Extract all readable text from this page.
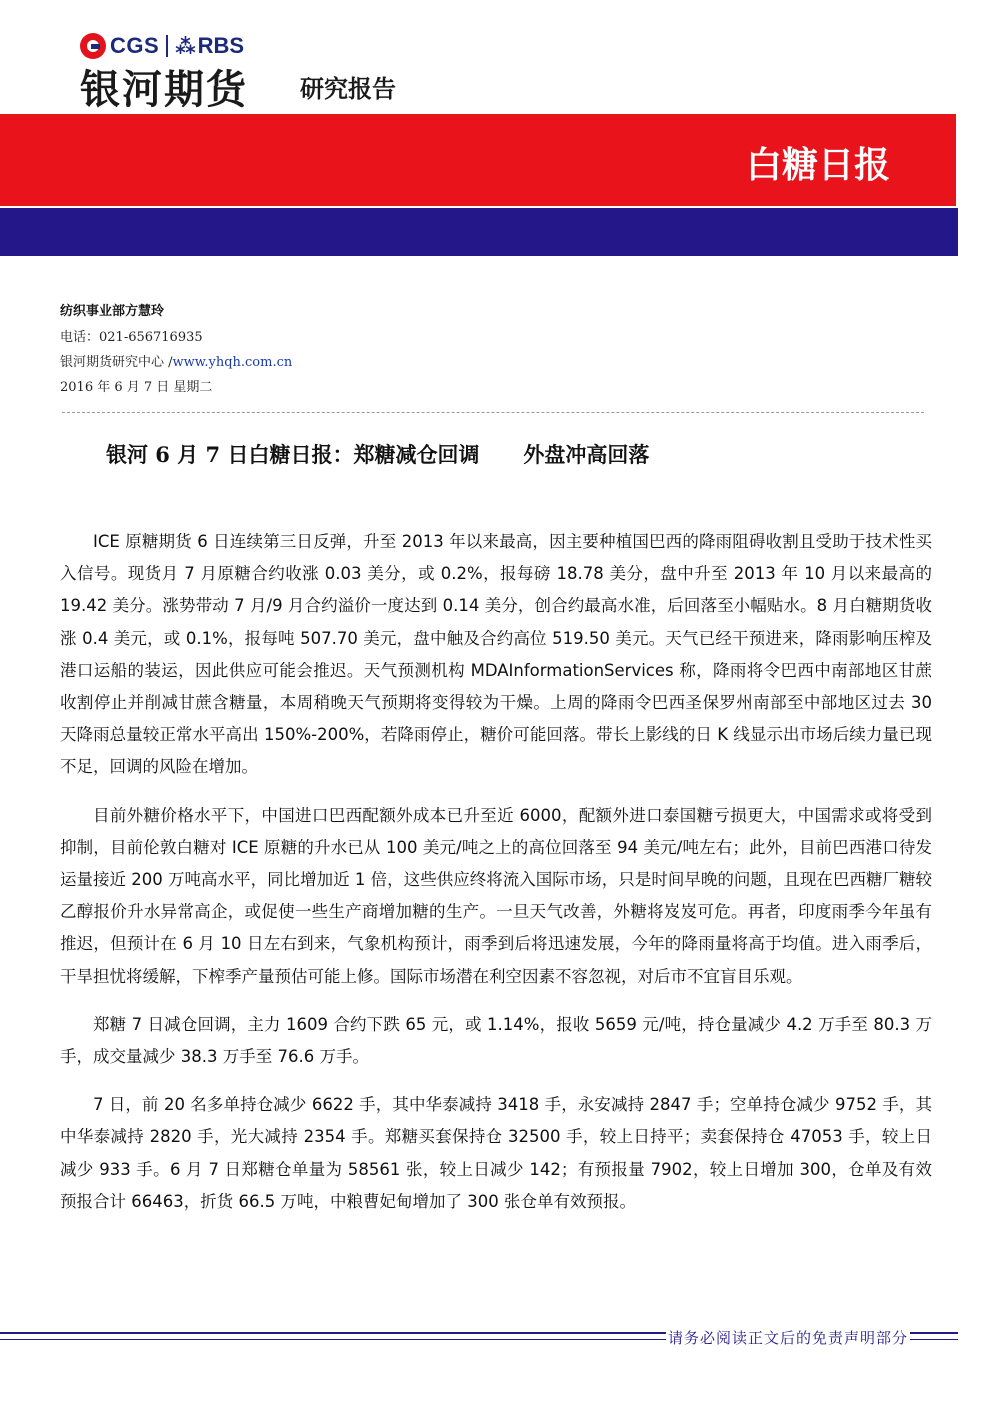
CGS ⁂ RBS
银河期货 研究报告
白糖日报
纺织事业部方慧玲
电话：021-656716935
银河期货研究中心 /www.yhqh.com.cn
2016 年 6 月 7 日 星期二
银河 6 月 7 日白糖日报：郑糖减仓回调      外盘冲高回落

ICE 原糖期货 6 日连续第三日反弹，升至 2013 年以来最高，因主要种植国巴西的降雨阻碍收割且受助于技术性买入信号。现货月 7 月原糖合约收涨 0.03 美分，或 0.2%，报每磅 18.78 美分，盘中升至 2013 年 10 月以来最高的 19.42 美分。涨势带动 7 月/9 月合约溢价一度达到 0.14 美分，创合约最高水准，后回落至小幅贴水。8 月白糖期货收涨 0.4 美元，或 0.1%，报每吨 507.70 美元，盘中触及合约高位 519.50 美元。天气已经干预进来，降雨影响压榨及港口运船的装运，因此供应可能会推迟。天气预测机构 MDAInformationServices 称，降雨将令巴西中南部地区甘蔗收割停止并削减甘蔗含糖量，本周稍晚天气预期将变得较为干燥。上周的降雨令巴西圣保罗州南部至中部地区过去 30 天降雨总量较正常水平高出 150%-200%，若降雨停止，糖价可能回落。带长上影线的日 K 线显示出市场后续力量已现不足，回调的风险在增加。

目前外糖价格水平下，中国进口巴西配额外成本已升至近 6000，配额外进口泰国糖亏损更大，中国需求或将受到抑制，目前伦敦白糖对 ICE 原糖的升水已从 100 美元/吨之上的高位回落至 94 美元/吨左右；此外，目前巴西港口待发运量接近 200 万吨高水平，同比增加近 1 倍，这些供应终将流入国际市场，只是时间早晚的问题，且现在巴西糖厂糖较乙醇报价升水异常高企，或促使一些生产商增加糖的生产。一旦天气改善，外糖将岌岌可危。再者，印度雨季今年虽有推迟，但预计在 6 月 10 日左右到来，气象机构预计，雨季到后将迅速发展，今年的降雨量将高于均值。进入雨季后，干旱担忧将缓解，下榨季产量预估可能上修。国际市场潜在利空因素不容忽视，对后市不宜盲目乐观。

郑糖 7 日减仓回调，主力 1609 合约下跌 65 元，或 1.14%，报收 5659 元/吨，持仓量减少 4.2 万手至 80.3 万手，成交量减少 38.3 万手至 76.6 万手。

7 日，前 20 名多单持仓减少 6622 手，其中华泰减持 3418 手，永安减持 2847 手；空单持仓减少 9752 手，其中华泰减持 2820 手，光大减持 2354 手。郑糖买套保持仓 32500 手，较上日持平；卖套保持仓 47053 手，较上日减少 933 手。6 月 7 日郑糖仓单量为 58561 张，较上日减少 142；有预报量 7902，较上日增加 300，仓单及有效预报合计 66463，折货 66.5 万吨，中粮曹妃甸增加了 300 张仓单有效预报。

请务必阅读正文后的免责声明部分
